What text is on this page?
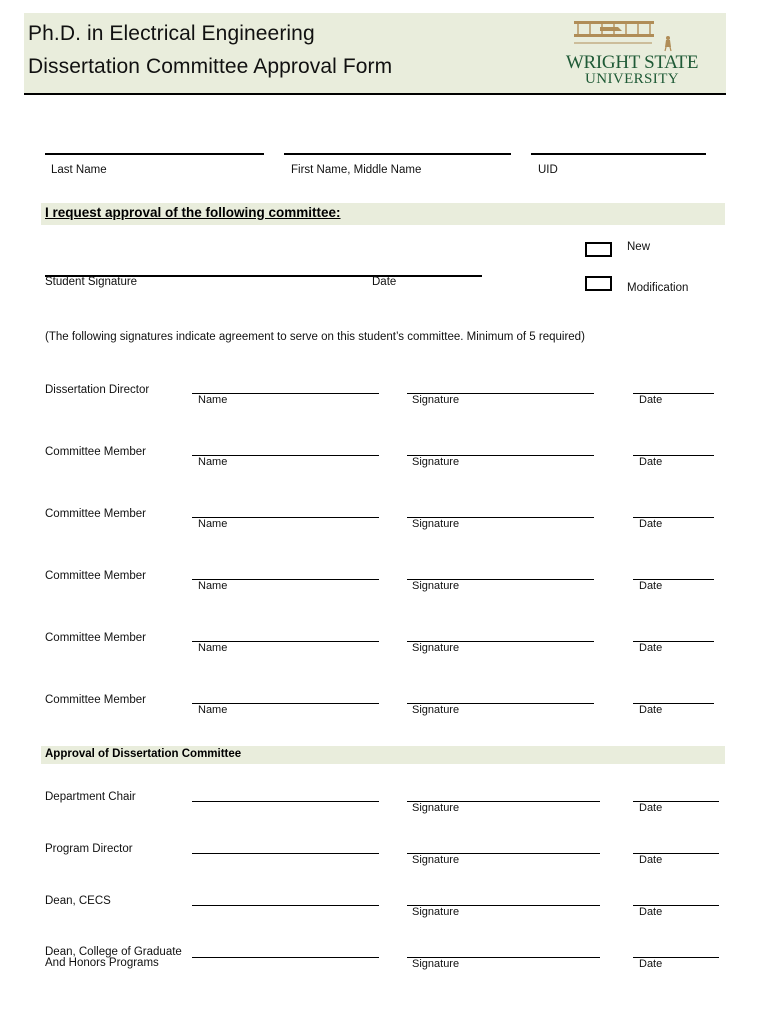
Ph.D. in Electrical Engineering
Dissertation Committee Approval Form	WRIGHT STATE
UNIVERSITY
Last Name	First Name, Middle Name	UID
I request approval of the following committee:
Student Signature	Date
New
Modification
(The following signatures indicate agreement to serve on this student’s committee. Minimum of 5 required)
Dissertation Director
Name	Signature	Date
Committee Member
Name	Signature	Date
Committee Member
Name	Signature	Date
Committee Member
Name	Signature	Date
Committee Member
Name	Signature	Date
Committee Member
Name	Signature	Date
Approval of Dissertation Committee
Department Chair
Signature	Date
Program Director
Signature	Date
Dean, CECS
Signature	Date
Dean, College of Graduate
And Honors Programs	Signature	Date
